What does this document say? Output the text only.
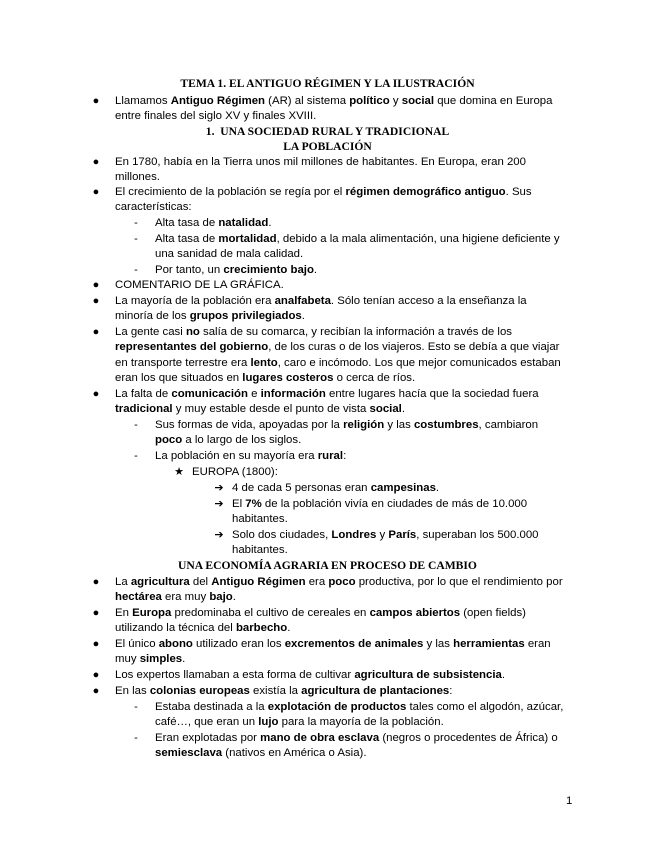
TEMA 1. EL ANTIGUO RÉGIMEN Y LA ILUSTRACIÓN
●	Llamamos Antiguo Régimen (AR) al sistema político y social que domina en Europa
entre finales del siglo XV y finales XVIII.
1. UNA SOCIEDAD RURAL Y TRADICIONAL
LA POBLACIÓN
●	En 1780, había en la Tierra unos mil millones de habitantes. En Europa, eran 200
millones.
●	El crecimiento de la población se regía por el régimen demográfico antiguo. Sus
características:
-	Alta tasa de natalidad.
-	Alta tasa de mortalidad, debido a la mala alimentación, una higiene deficiente y
una sanidad de mala calidad.
-	Por tanto, un crecimiento bajo.
●	COMENTARIO DE LA GRÁFICA.
●	La mayoría de la población era analfabeta. Sólo tenían acceso a la enseñanza la
minoría de los grupos privilegiados.
●	La gente casi no salía de su comarca, y recibían la información a través de los
representantes del gobierno, de los curas o de los viajeros. Esto se debía a que viajar
en transporte terrestre era lento, caro e incómodo. Los que mejor comunicados estaban
eran los que situados en lugares costeros o cerca de ríos.
●	La falta de comunicación e información entre lugares hacía que la sociedad fuera
tradicional y muy estable desde el punto de vista social.
-	Sus formas de vida, apoyadas por la religión y las costumbres, cambiaron
poco a lo largo de los siglos.
-	La población en su mayoría era rural:
★ EUROPA (1800):
➔ 4 de cada 5 personas eran campesinas.
➔ El 7% de la población vivía en ciudades de más de 10.000
habitantes.
➔ Solo dos ciudades, Londres y París, superaban los 500.000
habitantes.
UNA ECONOMÍA AGRARIA EN PROCESO DE CAMBIO
●	La agricultura del Antiguo Régimen era poco productiva, por lo que el rendimiento por
hectárea era muy bajo.
●	En Europa predominaba el cultivo de cereales en campos abiertos (open fields)
utilizando la técnica del barbecho.
●	El único abono utilizado eran los excrementos de animales y las herramientas eran
muy simples.
●	Los expertos llamaban a esta forma de cultivar agricultura de subsistencia.
●	En las colonias europeas existía la agricultura de plantaciones:
-	Estaba destinada a la explotación de productos tales como el algodón, azúcar,
café…, que eran un lujo para la mayoría de la población.
-	Eran explotadas por mano de obra esclava (negros o procedentes de África) o
semiesclava (nativos en América o Asia).
1
